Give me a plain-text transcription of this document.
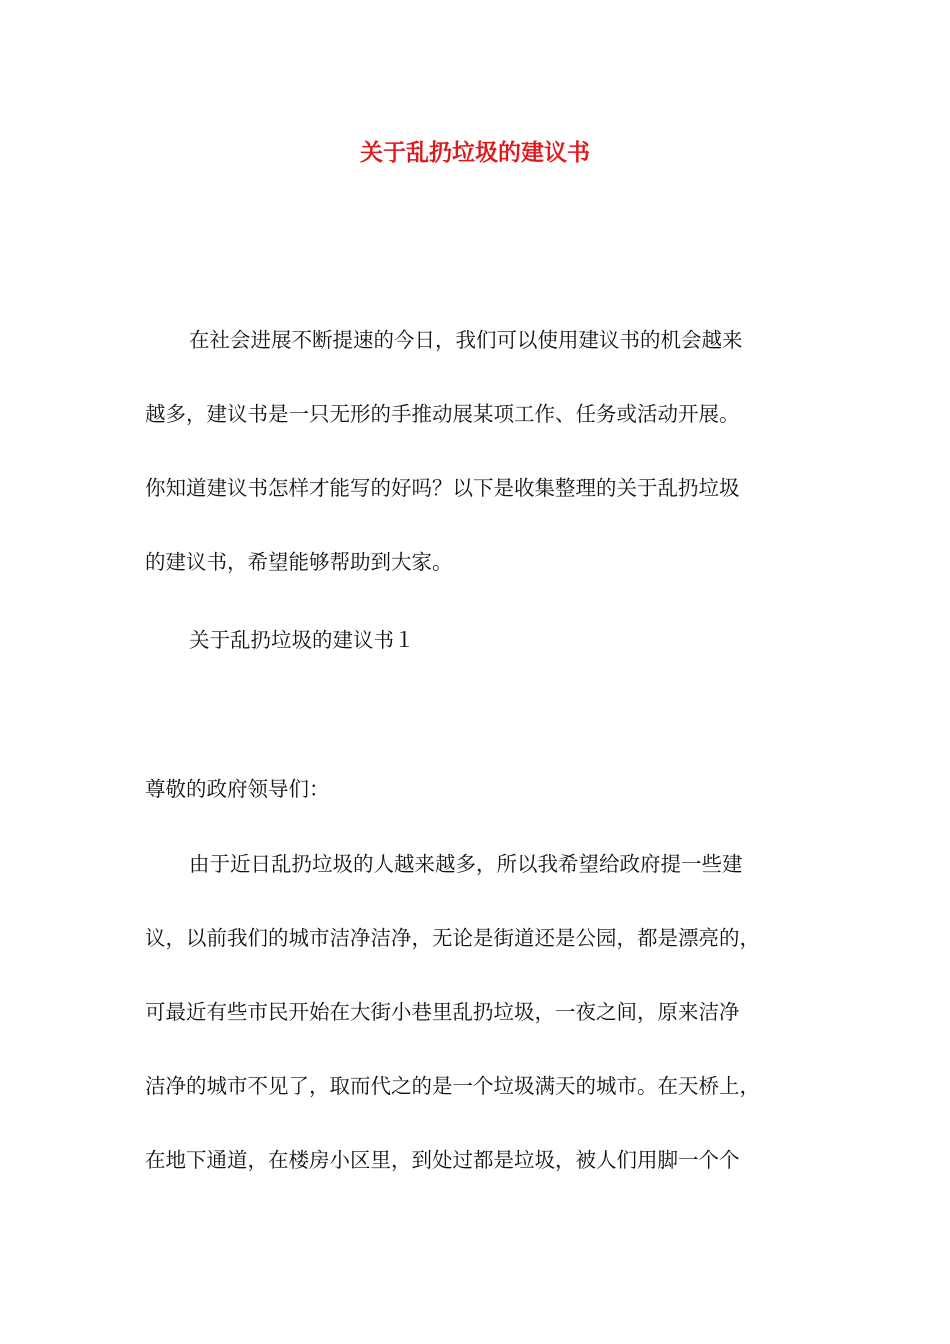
关于乱扔垃圾的建议书
在社会进展不断提速的今日，我们可以使用建议书的机会越来
越多，建议书是一只无形的手推动展某项工作、任务或活动开展。
你知道建议书怎样才能写的好吗？以下是收集整理的关于乱扔垃圾
的建议书，希望能够帮助到大家。
关于乱扔垃圾的建议书１
尊敬的政府领导们：
由于近日乱扔垃圾的人越来越多，所以我希望给政府提一些建
议，以前我们的城市洁净洁净，无论是街道还是公园，都是漂亮的，
可最近有些市民开始在大街小巷里乱扔垃圾，一夜之间，原来洁净
洁净的城市不见了，取而代之的是一个垃圾满天的城市。在天桥上，
在地下通道，在楼房小区里，到处过都是垃圾，被人们用脚一个个
